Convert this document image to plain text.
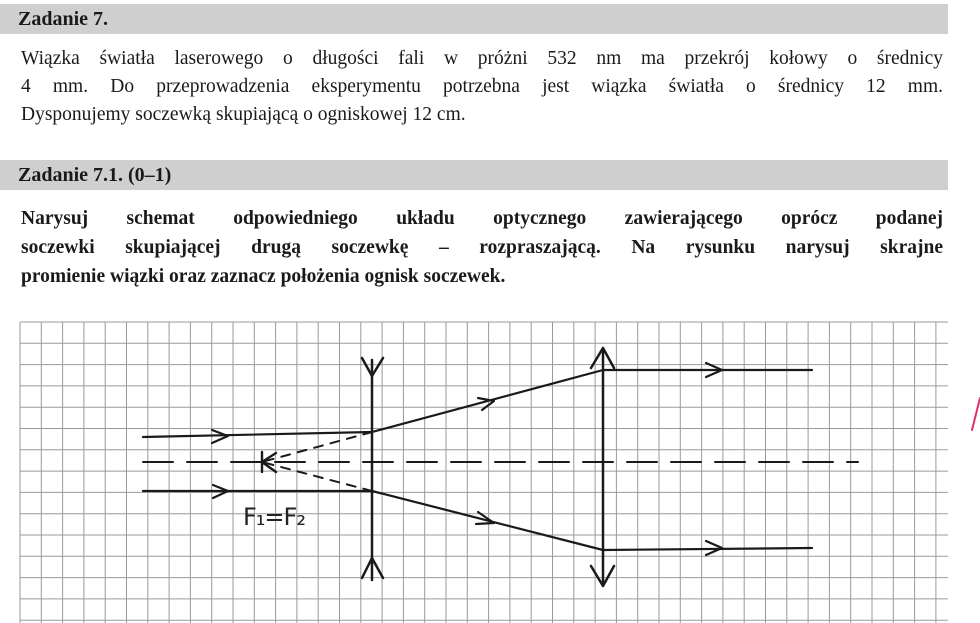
Zadanie 7.
Wiązka światła laserowego o długości fali w próżni 532 nm ma przekrój kołowy o średnicy
4 mm. Do przeprowadzenia eksperymentu potrzebna jest wiązka światła o średnicy 12 mm.
Dysponujemy soczewką skupiającą o ogniskowej 12 cm.
Zadanie 7.1. (0–1)
Narysuj schemat odpowiedniego układu optycznego zawierającego oprócz podanej
soczewki skupiającej drugą soczewkę – rozpraszającą. Na rysunku narysuj skrajne
promienie wiązki oraz zaznacz położenia ognisk soczewek.
F₁=F₂
